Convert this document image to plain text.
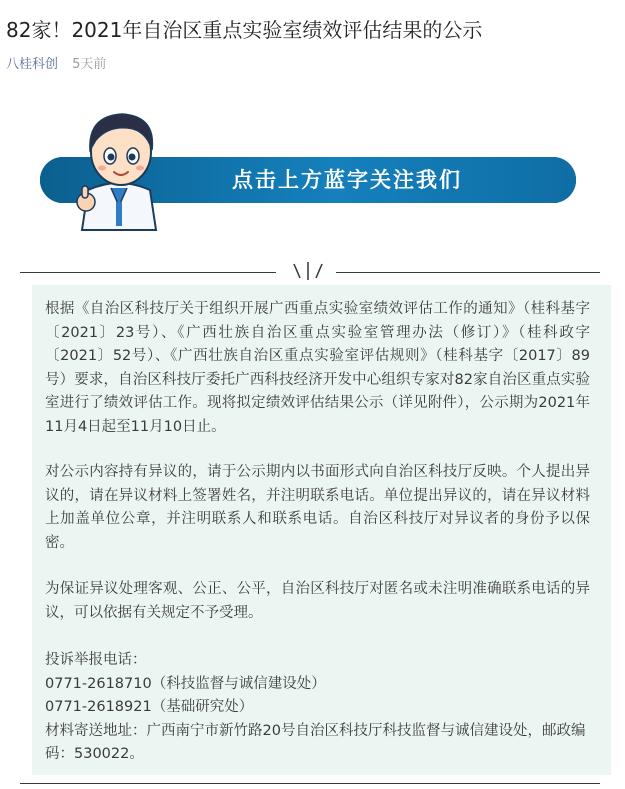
82家！2021年自治区重点实验室绩效评估结果的公示
八桂科创 5天前
点击上方蓝字关注我们

根据《自治区科技厅关于组织开展广西重点实验室绩效评估工作的通知》（桂科基字〔2021〕23号）、《广西壮族自治区重点实验室管理办法（修订）》（桂科政字〔2021〕52号）、《广西壮族自治区重点实验室评估规则》（桂科基字〔2017〕89号）要求，自治区科技厅委托广西科技经济开发中心组织专家对82家自治区重点实验室进行了绩效评估工作。现将拟定绩效评估结果公示（详见附件），公示期为2021年11月4日起至11月10日止。

对公示内容持有异议的，请于公示期内以书面形式向自治区科技厅反映。个人提出异议的，请在异议材料上签署姓名，并注明联系电话。单位提出异议的，请在异议材料上加盖单位公章，并注明联系人和联系电话。自治区科技厅对异议者的身份予以保密。

为保证异议处理客观、公正、公平，自治区科技厅对匿名或未注明准确联系电话的异议，可以依据有关规定不予受理。

投诉举报电话：
0771-2618710（科技监督与诚信建设处）
0771-2618921（基础研究处）
材料寄送地址：广西南宁市新竹路20号自治区科技厅科技监督与诚信建设处，邮政编码：530022。
